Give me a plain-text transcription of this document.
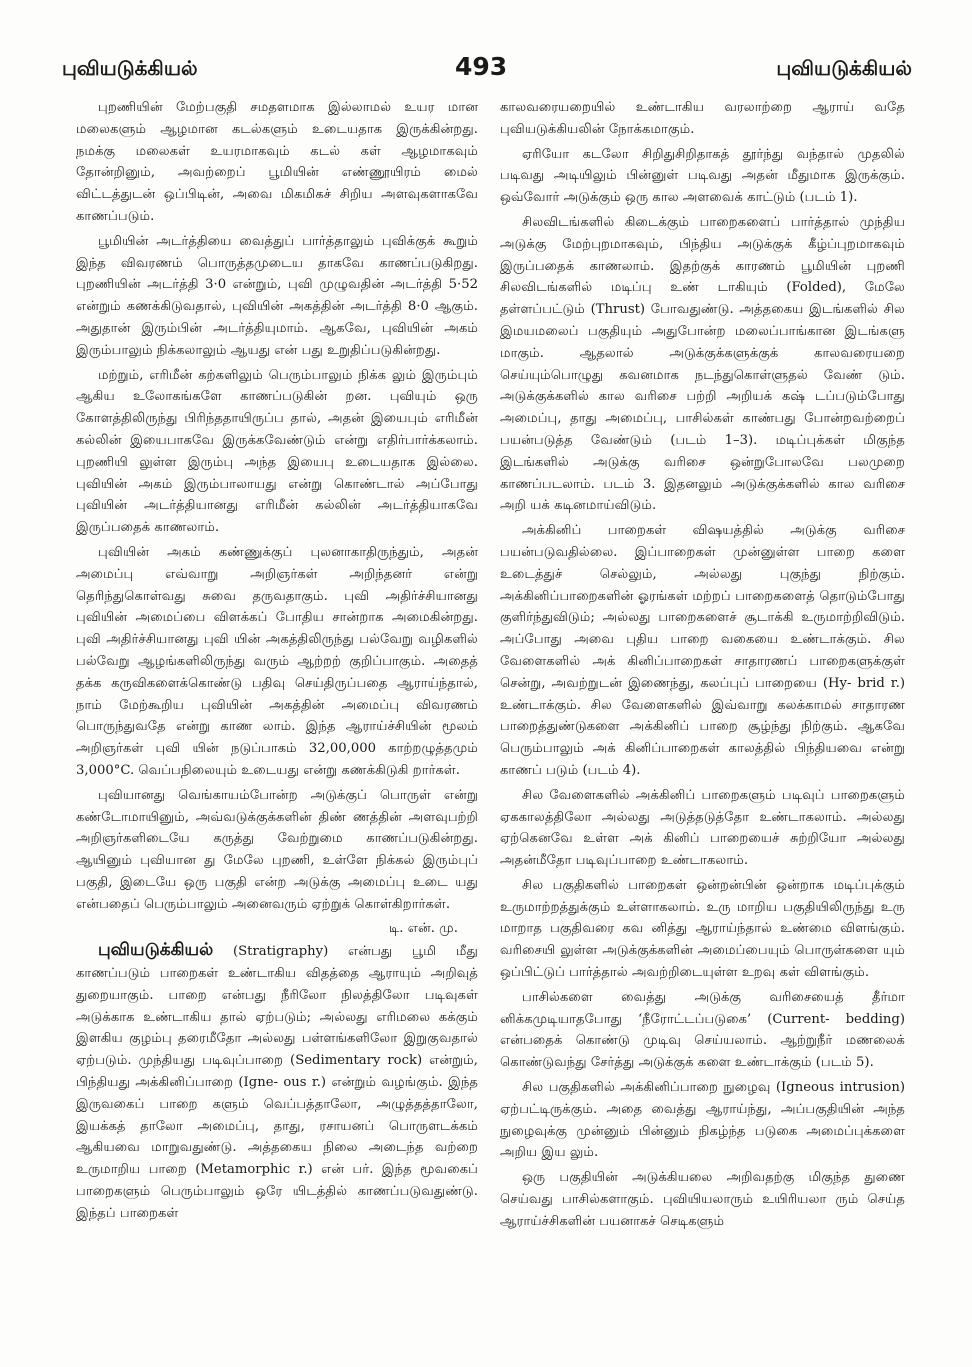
புவியடுக்கியல்	493	புவியடுக்கியல்

புறணியின் மேற்பகுதி சமதளமாக இல்லாமல் உயர மான மலைகளும் ஆழமான கடல்களும் உடையதாக இருக்கின்றது. நமக்கு மலைகள் உயரமாகவும் கடல் கள் ஆழமாகவும் தோன்றினும், அவற்றைப் பூமியின் எண்ணூயிரம் மைல் விட்டத்துடன் ஒப்பிடின், அவை மிகமிகச் சிறிய அளவுகளாகவே காணப்படும்.

பூமியின் அடர்த்தியை வைத்துப் பார்த்தாலும் புவிக்குக் கூறும் இந்த விவரணம் பொருத்தமுடைய தாகவே காணப்படுகிறது. புறணியின் அடர்த்தி 3·0 என்றும், புவி முழுவதின் அடர்த்தி 5·52 என்றும் கணக்கிடுவதால், புவியின் அகத்தின் அடர்த்தி 8·0 ஆகும். அதுதான் இரும்பின் அடர்த்தியுமாம். ஆகவே, புவியின் அகம் இரும்பாலும் நிக்கலாலும் ஆயது என் பது உறுதிப்படுகின்றது.

மற்றும், எரிமீன் கற்களிலும் பெரும்பாலும் நிக்க லும் இரும்பும் ஆகிய உலோகங்களே காணப்படுகின் றன. புவியும் ஒரு கோளத்திலிருந்து பிரிந்ததாயிருப்ப தால், அதன் இயைபும் எரிமீன் கல்லின் இயைபாகவே இருக்கவேண்டும் என்று எதிர்பார்க்கலாம். புறணியி லுள்ள இரும்பு அந்த இயைபு உடையதாக இல்லை. புவியின் அகம் இரும்பாலாயது என்று கொண்டால் அப்போது புவியின் அடர்த்தியானது எரிமீன் கல்லின் அடர்த்தியாகவே இருப்பதைக் காணலாம்.

புவியின் அகம் கண்ணுக்குப் புலனாகாதிருந்தும், அதன் அமைப்பு எவ்வாறு அறிஞர்கள் அறிந்தனர் என்று தெரிந்துகொள்வது சுவை தருவதாகும். புவி அதிர்ச்சியானது புவியின் அமைப்பை விளக்கப் போதிய சான்றாக அமைகின்றது. புவி அதிர்ச்சியானது புவி யின் அகத்திலிருந்து பல்வேறு வழிகளில் பல்வேறு ஆழங்களிலிருந்து வரும் ஆற்றற் குறிப்பாகும். அதைத் தக்க கருவிகளைக்கொண்டு பதிவு செய்திருப்பதை ஆராய்ந்தால், நாம் மேற்கூறிய புவியின் அகத்தின் அமைப்பு விவரணம் பொருந்துவதே என்று காண லாம். இந்த ஆராய்ச்சியின் மூலம் அறிஞர்கள் புவி யின் நடுப்பாகம் 32,00,000 காற்றழுத்தமும் 3,000°C. வெப்பநிலையும் உடையது என்று கணக்கிடுகி றார்கள்.

புவியானது வெங்காயம்போன்ற அடுக்குப் பொருள் என்று கண்டோமாயினும், அவ்வடுக்குக்களின் திண் ணத்தின் அளவுபற்றி அறிஞர்களிடையே கருத்து வேற்றுமை காணப்படுகின்றது. ஆயினும் புவியான து மேலே புறணி, உள்ளே நிக்கல் இரும்புப் பகுதி, இடையே ஒரு பகுதி என்ற அடுக்கு அமைப்பு உடை யது என்பதைப் பெரும்பாலும் அனைவரும் ஏற்றுக் கொள்கிறார்கள்.

டி. என். மு.

புவியடுக்கியல் (Stratigraphy) என்பது பூமி மீது காணப்படும் பாறைகள் உண்டாகிய விதத்தை ஆராயும் அறிவுத் துறையாகும். பாறை என்பது நீரிலோ நிலத்திலோ படிவுகள் அடுக்காக உண்டாகிய தால் ஏற்படும்; அல்லது எரிமலை கக்கும் இளகிய குழம்பு தரைமீதோ அல்லது பள்ளங்களிலோ இறுகுவதால் ஏற்படும். முந்தியது படிவுப்பாறை (Sedimentary rock) என்றும், பிந்தியது அக்கினிப்பாறை (Igne- ous r.) என்றும் வழங்கும். இந்த இருவகைப் பாறை களும் வெப்பத்தாலோ, அழுத்தத்தாலோ, இயக்கத் தாலோ அமைப்பு, தாது, ரசாயனப் பொருளடக்கம் ஆகியவை மாறுவதுண்டு. அத்தகைய நிலை அடைந்த வற்றை உருமாறிய பாறை (Metamorphic r.) என் பர். இந்த மூவகைப் பாறைகளும் பெரும்பாலும் ஒரே யிடத்தில் காணப்படுவதுண்டு. இந்தப் பாறைகள்

காலவரையறையில் உண்டாகிய வரலாற்றை ஆராய் வதே புவியடுக்கியலின் நோக்கமாகும்.

ஏரியோ கடலோ சிறிதுசிறிதாகத் தூர்ந்து வந்தால் முதலில் படிவது அடியிலும் பின்னுள் படிவது அதன் மீதுமாக இருக்கும். ஒவ்வோர் அடுக்கும் ஒரு கால அளவைக் காட்டும் (படம் 1).

சிலவிடங்களில் கிடைக்கும் பாறைகளைப் பார்த்தால் முந்திய அடுக்கு மேற்புறமாகவும், பிந்திய அடுக்குக் கீழ்ப்புறமாகவும் இருப்பதைக் காணலாம். இதற்குக் காரணம் பூமியின் புறணி சிலவிடங்களில் மடிப்பு உண் டாகியும் (Folded), மேலே தள்ளப்பட்டும் (Thrust) போவதுண்டு. அத்தகைய இடங்களில் சில இமயமலைப் பகுதியும் அதுபோன்ற மலைப்பாங்கான இடங்களு மாகும். ஆதலால் அடுக்குக்களுக்குக் காலவரையறை செய்யும்பொழுது கவனமாக நடந்துகொள்ளுதல் வேண் டும். அடுக்குக்களில் கால வரிசை பற்றி அறியக் கஷ் டப்படும்போது அமைப்பு, தாது அமைப்பு, பாசில்கள் காண்பது போன்றவற்றைப் பயன்படுத்த வேண்டும் (படம் 1–3). மடிப்புக்கள் மிகுந்த இடங்களில் அடுக்கு வரிசை ஒன்றுபோலவே பலமுறை காணப்படலாம். படம் 3. இதனலும் அடுக்குக்களில் கால வரிசை அறி யக் கடினமாய்விடும்.

அக்கினிப் பாறைகள் விஷயத்தில் அடுக்கு வரிசை பயன்படுவதில்லை. இப்பாறைகள் முன்னுள்ள பாறை களை உடைத்துச் செல்லும், அல்லது புகுந்து நிற்கும். அக்கினிப்பாறைகளின் ஓரங்கள் மற்றப் பாறைகளைத் தொடும்போது குளிர்ந்துவிடும்; அல்லது பாறைகளைச் சூடாக்கி உருமாற்றிவிடும். அப்போது அவை புதிய பாறை வகையை உண்டாக்கும். சில வேளைகளில் அக் கினிப்பாறைகள் சாதாரணப் பாறைகளுக்குள் சென்று, அவற்றுடன் இணைந்து, கலப்புப் பாறையை (Hy- brid r.) உண்டாக்கும். சில வேளைகளில் இவ்வாறு கலக்காமல் சாதாரண பாறைத்துண்டுகளை அக்கினிப் பாறை சூழ்ந்து நிற்கும். ஆகவே பெரும்பாலும் அக் கினிப்பாறைகள் காலத்தில் பிந்தியவை என்று காணப் படும் (படம் 4).

சில வேளைகளில் அக்கினிப் பாறைகளும் படிவுப் பாறைகளும் ஏககாலத்திலோ அல்லது அடுத்தடுத்தோ உண்டாகலாம். அல்லது ஏற்கெனவே உள்ள அக் கினிப் பாறையைச் சுற்றியோ அல்லது அதன்மீதோ படிவுப்பாறை உண்டாகலாம்.

சில பகுதிகளில் பாறைகள் ஒன்றன்பின் ஒன்றாக மடிப்புக்கும் உருமாற்றத்துக்கும் உள்ளாகலாம். உரு மாறிய பகுதியிலிருந்து உரு மாறாத பகுதிவரை கவ னித்து ஆராய்ந்தால் உண்மை விளங்கும். வரிசையி லுள்ள அடுக்குக்களின் அமைப்பையும் பொருள்களை யும் ஒப்பிட்டுப் பார்த்தால் அவற்றிடையுள்ள உறவு கள் விளங்கும்.

பாசில்களை வைத்து அடுக்கு வரிசையைத் தீர்மா னிக்கமுடியாதபோது ‘நீரோட்டப்படுகை’ (Current- bedding) என்பதைக் கொண்டு முடிவு செய்யலாம். ஆற்றுநீர் மணலைக் கொண்டுவந்து சேர்த்து அடுக்குக் களை உண்டாக்கும் (படம் 5).

சில பகுதிகளில் அக்கினிப்பாறை நுழைவு (Igneous intrusion) ஏற்பட்டிருக்கும். அதை வைத்து ஆராய்ந்து, அப்பகுதியின் அந்த நுழைவுக்கு முன்னும் பின்னும் நிகழ்ந்த படுகை அமைப்புக்களை அறிய இய லும்.

ஒரு பகுதியின் அடுக்கியலை அறிவதற்கு மிகுந்த துணை செய்வது பாசில்களாகும். புவியியலாரும் உயிரியலா ரும் செய்த ஆராய்ச்சிகளின் பயனாகச் செடிகளும்
